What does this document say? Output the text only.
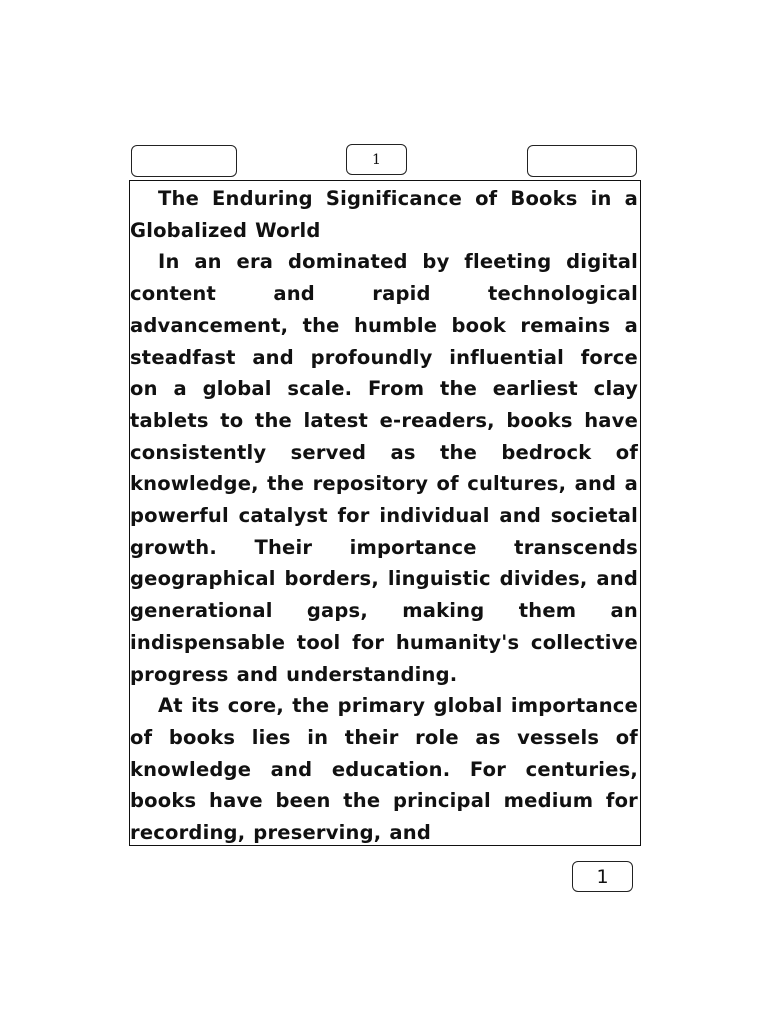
1

The Enduring Significance of Books in a Globalized World

In an era dominated by fleeting digital content and rapid technological advancement, the humble book remains a steadfast and profoundly influential force on a global scale. From the earliest clay tablets to the latest e-readers, books have consistently served as the bedrock of knowledge, the repository of cultures, and a powerful catalyst for individual and societal growth. Their importance transcends geographical borders, linguistic divides, and generational gaps, making them an indispensable tool for humanity's collective progress and understanding.

At its core, the primary global importance of books lies in their role as vessels of knowledge and education. For centuries, books have been the principal medium for recording, preserving, and

1
